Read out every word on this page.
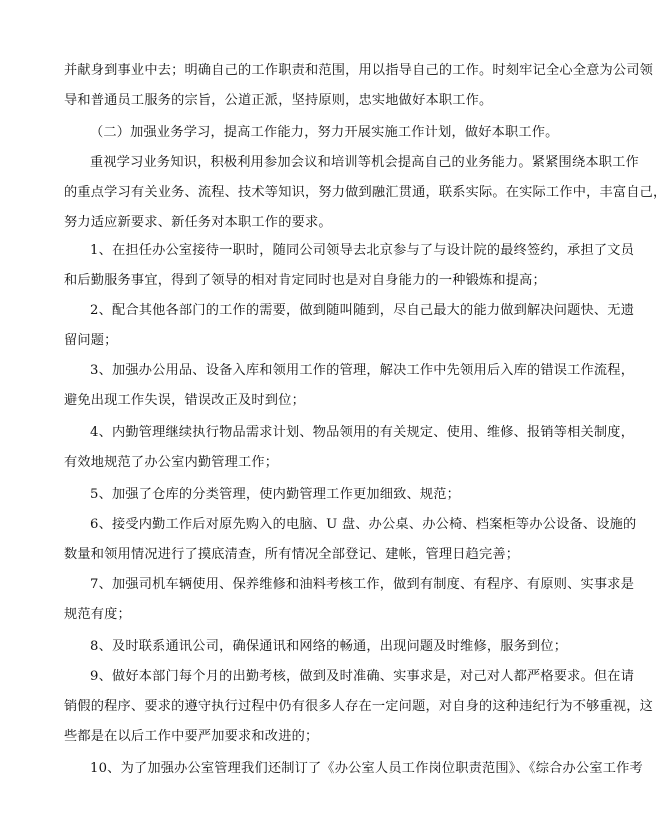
并献身到事业中去；明确自己的工作职责和范围，用以指导自己的工作。时刻牢记全心全意为公司领
导和普通员工服务的宗旨，公道正派，坚持原则，忠实地做好本职工作。
（二）加强业务学习，提高工作能力，努力开展实施工作计划，做好本职工作。
重视学习业务知识，积极利用参加会议和培训等机会提高自己的业务能力。紧紧围绕本职工作
的重点学习有关业务、流程、技术等知识，努力做到融汇贯通，联系实际。在实际工作中，丰富自己，
努力适应新要求、新任务对本职工作的要求。
1、在担任办公室接待一职时，随同公司领导去北京参与了与设计院的最终签约，承担了文员
和后勤服务事宜，得到了领导的相对肯定同时也是对自身能力的一种锻炼和提高；
2、配合其他各部门的工作的需要，做到随叫随到，尽自己最大的能力做到解决问题快、无遗
留问题；
3、加强办公用品、设备入库和领用工作的管理，解决工作中先领用后入库的错误工作流程，
避免出现工作失误，错误改正及时到位；
4、内勤管理继续执行物品需求计划、物品领用的有关规定、使用、维修、报销等相关制度，
有效地规范了办公室内勤管理工作；
5、加强了仓库的分类管理，使内勤管理工作更加细致、规范；
6、接受内勤工作后对原先购入的电脑、U 盘、办公桌、办公椅、档案柜等办公设备、设施的
数量和领用情况进行了摸底清查，所有情况全部登记、建帐，管理日趋完善；
7、加强司机车辆使用、保养维修和油料考核工作，做到有制度、有程序、有原则、实事求是
规范有度；
8、及时联系通讯公司，确保通讯和网络的畅通，出现问题及时维修，服务到位；
9、做好本部门每个月的出勤考核，做到及时准确、实事求是，对己对人都严格要求。但在请
销假的程序、要求的遵守执行过程中仍有很多人存在一定问题，对自身的这种违纪行为不够重视，这
些都是在以后工作中要严加要求和改进的；
10、为了加强办公室管理我们还制订了《办公室人员工作岗位职责范围》、《综合办公室工作考
